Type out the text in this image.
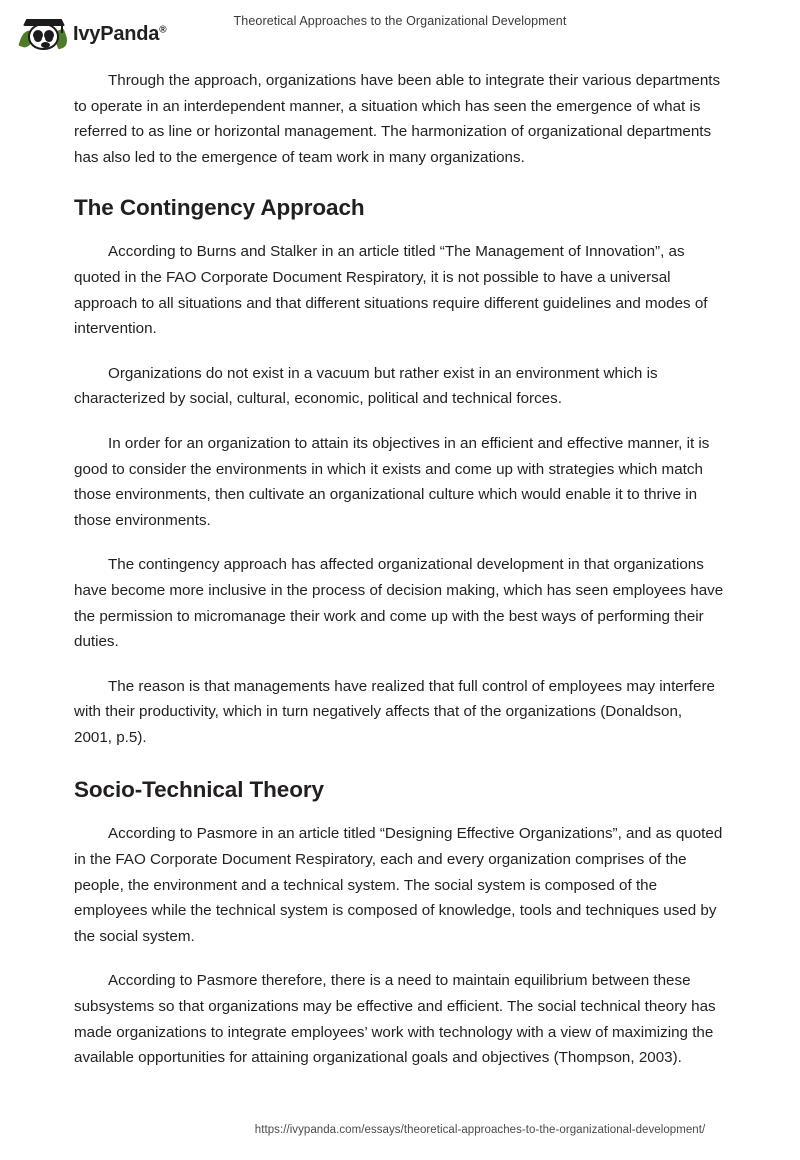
IvyPanda®
Theoretical Approaches to the Organizational Development

Through the approach, organizations have been able to integrate their various departments to operate in an interdependent manner, a situation which has seen the emergence of what is referred to as line or horizontal management. The harmonization of organizational departments has also led to the emergence of team work in many organizations.

The Contingency Approach

According to Burns and Stalker in an article titled “The Management of Innovation”, as quoted in the FAO Corporate Document Respiratory, it is not possible to have a universal approach to all situations and that different situations require different guidelines and modes of intervention.

Organizations do not exist in a vacuum but rather exist in an environment which is characterized by social, cultural, economic, political and technical forces.

In order for an organization to attain its objectives in an efficient and effective manner, it is good to consider the environments in which it exists and come up with strategies which match those environments, then cultivate an organizational culture which would enable it to thrive in those environments.

The contingency approach has affected organizational development in that organizations have become more inclusive in the process of decision making, which has seen employees have the permission to micromanage their work and come up with the best ways of performing their duties.

The reason is that managements have realized that full control of employees may interfere with their productivity, which in turn negatively affects that of the organizations (Donaldson, 2001, p.5).

Socio-Technical Theory

According to Pasmore in an article titled “Designing Effective Organizations”, and as quoted in the FAO Corporate Document Respiratory, each and every organization comprises of the people, the environment and a technical system. The social system is composed of the employees while the technical system is composed of knowledge, tools and techniques used by the social system.

According to Pasmore therefore, there is a need to maintain equilibrium between these subsystems so that organizations may be effective and efficient. The social technical theory has made organizations to integrate employees’ work with technology with a view of maximizing the available opportunities for attaining organizational goals and objectives (Thompson, 2003).

https://ivypanda.com/essays/theoretical-approaches-to-the-organizational-development/
